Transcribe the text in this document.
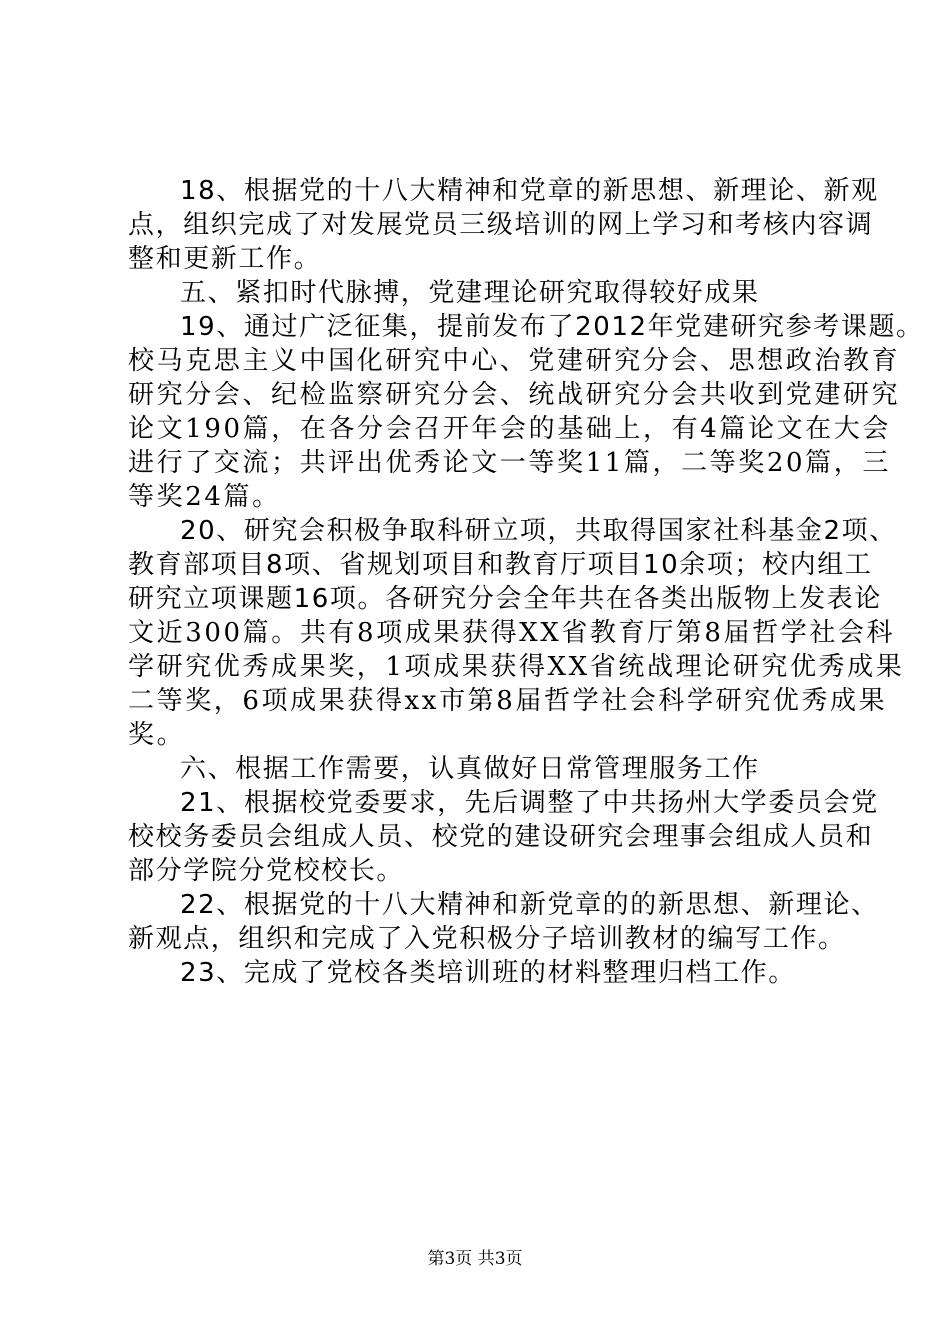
18、根据党的十八大精神和党章的新思想、新理论、新观
点，组织完成了对发展党员三级培训的网上学习和考核内容调
整和更新工作。
五、紧扣时代脉搏，党建理论研究取得较好成果
19、通过广泛征集，提前发布了2012年党建研究参考课题。
校马克思主义中国化研究中心、党建研究分会、思想政治教育
研究分会、纪检监察研究分会、统战研究分会共收到党建研究
论文190篇，在各分会召开年会的基础上，有4篇论文在大会
进行了交流；共评出优秀论文一等奖11篇，二等奖20篇，三
等奖24篇。
20、研究会积极争取科研立项，共取得国家社科基金2项、
教育部项目8项、省规划项目和教育厅项目10余项；校内组工
研究立项课题16项。各研究分会全年共在各类出版物上发表论
文近300篇。共有8项成果获得XX省教育厅第8届哲学社会科
学研究优秀成果奖，1项成果获得XX省统战理论研究优秀成果
二等奖，6项成果获得xx市第8届哲学社会科学研究优秀成果
奖。
六、根据工作需要，认真做好日常管理服务工作
21、根据校党委要求，先后调整了中共扬州大学委员会党
校校务委员会组成人员、校党的建设研究会理事会组成人员和
部分学院分党校校长。
22、根据党的十八大精神和新党章的的新思想、新理论、
新观点，组织和完成了入党积极分子培训教材的编写工作。
23、完成了党校各类培训班的材料整理归档工作。
第3页 共3页
